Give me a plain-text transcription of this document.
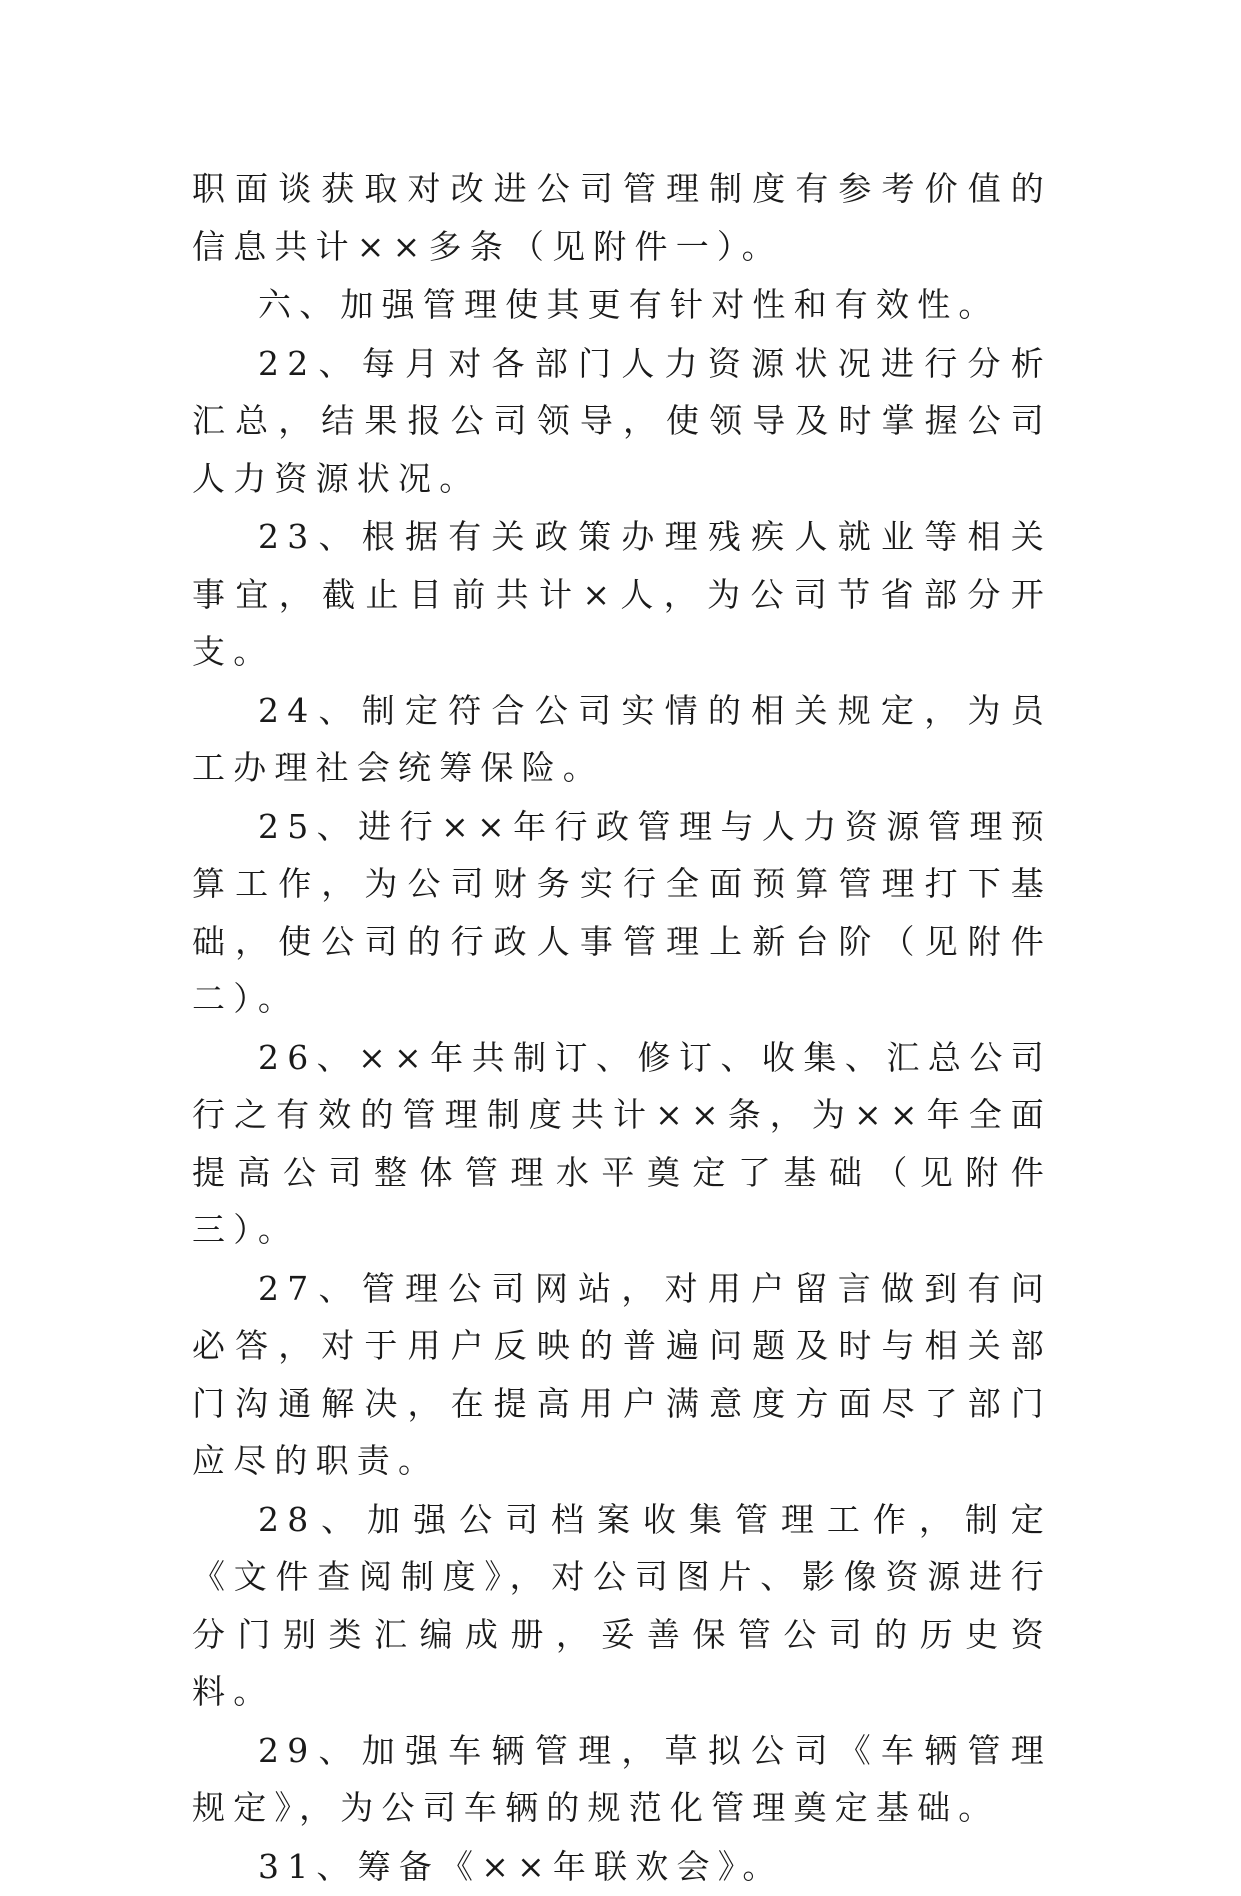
职面谈获取对改进公司管理制度有参考价值的信息共计××多条（见附件一）。

六、加强管理使其更有针对性和有效性。

22、每月对各部门人力资源状况进行分析汇总，结果报公司领导，使领导及时掌握公司人力资源状况。

23、根据有关政策办理残疾人就业等相关事宜，截止目前共计×人，为公司节省部分开支。

24、制定符合公司实情的相关规定，为员工办理社会统筹保险。

25、进行××年行政管理与人力资源管理预算工作，为公司财务实行全面预算管理打下基础，使公司的行政人事管理上新台阶（见附件二）。

26、××年共制订、修订、收集、汇总公司行之有效的管理制度共计××条，为××年全面提高公司整体管理水平奠定了基础（见附件三）。

27、管理公司网站，对用户留言做到有问必答，对于用户反映的普遍问题及时与相关部门沟通解决，在提高用户满意度方面尽了部门应尽的职责。

28、加强公司档案收集管理工作，制定《文件查阅制度》，对公司图片、影像资源进行分门别类汇编成册，妥善保管公司的历史资料。

29、加强车辆管理，草拟公司《车辆管理规定》，为公司车辆的规范化管理奠定基础。

31、筹备《××年联欢会》。
